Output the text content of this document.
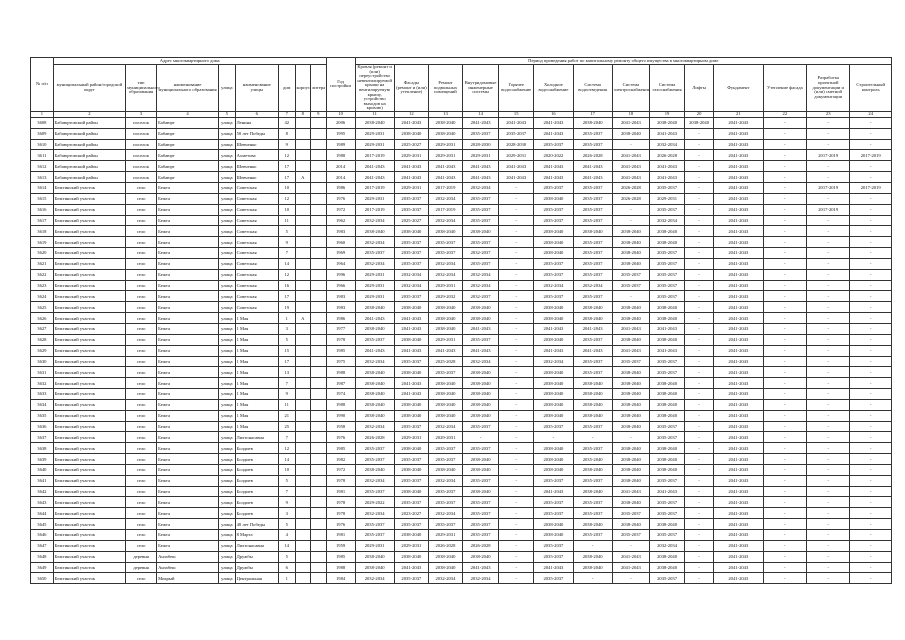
№ п/п	Адрес многоквартирного дома								Год постройки	Период проведения работ по капитальному ремонту общего имущества в многоквартирном доме													
	муниципальный район/городской округ	тип муниципального образования	наименование муниципального образования	улица	наименование улицы	дом	корпус	литера		Кровля (ремонт и (или) переустройство невентилируемой крыши на вентилируемую крышу, устройство выходов на кровлю)	Фасады (ремонт и (или) утепление)	Ремонт подвальных помещений	Внутридомовые инженерные системы	Горячее водоснабжение	Холодное водоснабжение	Система водоотведения	Система электроснабжения	Система газоснабжения	Лифты	Фундамент	Утепление фасада	Разработка проектной документации и (или) сметной документации	Строительный контроль
1	2	3	4	5	6	7	8	9	10	11	12	13	14	15	16	17	18	19	20	21	22	23	24
3608	Бабаюртовский район	поселок	Бабаюрт	улица	Ленина	42			2006	2038-2040	2041-2043	2038-2040	2041-2043	2041-2043	2041-2043	2038-2040	2041-2043	2038-2040	2038-2040	2041-2043	-	-	-
3609	Бабаюртовский район	поселок	Бабаюрт	улица	50 лет Победы	8			1995	2029-2031	2038-2040	2038-2040	2035-2037	2035-2037	2041-2043	2035-2037	2038-2040	2041-2043	-	2041-2043	-	-	-
3610	Бабаюртовский район	поселок	Бабаюрт	улица	Шевченко	9			1989	2029-2031	2025-2027	2029-2031	2028-2030	2028-2030	2035-2037	2035-2037	-	2032-2034	-	2041-2043	-	-	-
3611	Бабаюртовский район	поселок	Бабаюрт	улица	Ахметова	12			1988	2017-2019	2029-2031	2029-2031	2029-2031	2029-2031	2020-2022	2026-2028	2041-2043	2026-2028	-	2041-2043	-	2017-2019	2017-2019
3612	Бабаюртовский район	поселок	Бабаюрт	улица	Шевченко	17			2014	2041-2043	2041-2043	2041-2043	2041-2043	2041-2043	2041-2043	2041-2043	2041-2043	2041-2043	-	2041-2043	-	-	-
3613	Бабаюртовский район	поселок	Бабаюрт	улица	Шевченко	17	А		2014	2041-2043	2041-2043	2041-2043	2041-2043	2041-2043	2041-2043	2041-2043	2041-2043	2041-2043	-	2041-2043	-	-	-
3614	Бежтинский участок	село	Бежта	улица	Советская	10			1986	2017-2019	2029-2031	2017-2019	2032-2034	-	2035-2037	2035-2037	2026-2028	2035-2037	-	2041-2043	-	2017-2019	2017-2019
3615	Бежтинский участок	село	Бежта	улица	Советская	12			1976	2029-2031	2035-2037	2032-2034	2035-2037	-	2038-2040	2035-2037	2026-2028	2029-2031	-	2041-2043	-	-	-
3616	Бежтинский участок	село	Бежта	улица	Советская	10			1972	2017-2019	2035-2037	2017-2019	2035-2037	-	2035-2037	2035-2037	-	2035-2037	-	2041-2043	-	2017-2019	-
3617	Бежтинский участок	село	Бежта	улица	Советская	11			1962	2032-2034	2025-2027	2032-2034	2035-2037	-	2035-2037	2035-2037	-	2032-2034	-	2041-2043	-	-	-
3618	Бежтинский участок	село	Бежта	улица	Советская	5			1983	2038-2040	2038-2040	2038-2040	2038-2040	-	2038-2040	2038-2040	2038-2040	2038-2040	-	2041-2043	-	-	-
3619	Бежтинский участок	село	Бежта	улица	Советская	9			1960	2032-2034	2035-2037	2035-2037	2035-2037	-	2038-2040	2035-2037	2038-2040	2038-2040	-	2041-2043	-	-	-
3620	Бежтинский участок	село	Бежта	улица	Советская	7			1969	2035-2037	2035-2037	2035-2037	2032-2037	-	2038-2040	2035-2037	2038-2040	2035-2037	-	2041-2043	-	-	-
3621	Бежтинский участок	село	Бежта	улица	Советская	14			1964	2032-2034	2035-2037	2032-2034	2035-2037	-	2035-2037	2035-2037	2038-2040	2035-2037	-	2041-2043	-	-	-
3622	Бежтинский участок	село	Бежта	улица	Советская	12			1996	2029-2031	2032-2034	2032-2034	2032-2034	-	2035-2037	2035-2037	2035-2037	2035-2037	-	2041-2043	-	-	-
3623	Бежтинский участок	село	Бежта	улица	Советская	16			1966	2029-2031	2032-2034	2029-2031	2032-2034	-	2032-2034	2032-2034	2035-2037	2035-2037	-	2041-2043	-	-	-
3624	Бежтинский участок	село	Бежта	улица	Советская	17			1983	2029-2031	2035-2037	2029-2032	2032-2037	-	2035-2037	2035-2037	-	2035-2037	-	2041-2043	-	-	-
3625	Бежтинский участок	село	Бежта	улица	Советская	19			1983	2038-2040	2038-2040	2038-2040	2038-2040	-	2038-2040	2038-2040	2038-2040	2038-2040	-	2041-2043	-	-	-
3626	Бежтинский участок	село	Бежта	улица	1 Мая	1	А		1986	2041-2043	2041-2043	2038-2040	2038-2040	-	2038-2040	2038-2040	2038-2040	2038-2040	-	2041-2043	-	-	-
3627	Бежтинский участок	село	Бежта	улица	1 Мая	3			1977	2038-2040	2041-2043	2038-2040	2041-2043	-	2041-2043	2041-2043	2041-2043	2041-2043	-	2041-2043	-	-	-
3628	Бежтинский участок	село	Бежта	улица	1 Мая	5			1978	2035-2037	2038-2040	2029-2031	2035-2037	-	2038-2040	2035-2037	2038-2040	2038-2040	-	2041-2043	-	-	-
3629	Бежтинский участок	село	Бежта	улица	1 Мая	15			1985	2041-2043	2041-2043	2041-2043	2041-2043	-	2041-2043	2041-2043	2041-2043	2041-2043	-	2041-2043	-	-	-
3630	Бежтинский участок	село	Бежта	улица	1 Мая	17			1975	2032-2034	2035-2037	2025-2028	2032-2034	-	2032-2034	2035-2037	2035-2037	2035-2037	-	2041-2043	-	-	-
3631	Бежтинский участок	село	Бежта	улица	1 Мая	13			1988	2038-2040	2038-2040	2035-2037	2038-2040	-	2038-2040	2035-2037	2038-2040	2035-2037	-	2041-2043	-	-	-
3632	Бежтинский участок	село	Бежта	улица	1 Мая	7			1987	2038-2040	2041-2043	2038-2040	2038-2040	-	2038-2040	2038-2040	2038-2040	2038-2040	-	2041-2043	-	-	-
3633	Бежтинский участок	село	Бежта	улица	1 Мая	9			1974	2038-2040	2041-2043	2038-2040	2038-2040	-	2038-2040	2038-2040	2038-2040	2038-2040	-	2041-2043	-	-	-
3634	Бежтинский участок	село	Бежта	улица	1 Мая	11			1988	2038-2040	2038-2040	2038-2040	2038-2040	-	2038-2040	2038-2040	2038-2040	2038-2040	-	2041-2043	-	-	-
3635	Бежтинский участок	село	Бежта	улица	1 Мая	21			1990	2038-2040	2038-2040	2038-2040	2038-2040	-	2038-2040	2038-2040	2038-2040	2038-2040	-	2041-2043	-	-	-
3636	Бежтинский участок	село	Бежта	улица	1 Мая	25			1958	2032-2034	2035-2037	2032-2034	2035-2037	-	2035-2037	2035-2037	2038-2040	2035-2037	-	2041-2043	-	-	-
3637	Бежтинский участок	село	Бежта	улица	Лихтонасавна	7			1976	2026-2028	2029-2031	2029-2031	-	-	-	-	-	2035-2037	-	2041-2043	-	-	-
3638	Бежтинский участок	село	Бежта	улица	Болдиев	12			1985	2035-2037	2038-2040	2035-2037	2035-2037	-	2038-2040	2035-2037	2038-2040	2038-2040	-	2041-2043	-	-	-
3639	Бежтинский участок	село	Бежта	улица	Болдиев	14			1982	2035-2037	2035-2037	2035-2037	2038-2040	-	2038-2040	2035-2040	2038-2040	2038-2040	-	2041-2043	-	-	-
3640	Бежтинский участок	село	Бежта	улица	Болдиев	10			1972	2038-2040	2038-2040	2038-2040	2038-2040	-	2038-2040	2038-2040	2038-2040	2038-2040	-	2041-2043	-	-	-
3641	Бежтинский участок	село	Бежта	улица	Болдиев	5			1978	2032-2034	2035-2037	2032-2034	2035-2037	-	2035-2037	2035-2037	2038-2040	2035-2037	-	2041-2043	-	-	-
3642	Бежтинский участок	село	Бежта	улица	Болдиев	7			1981	2035-2037	2038-2040	2035-2037	2038-2040	-	2041-2043	2038-2040	2041-2043	2041-2043	-	2041-2043	-	-	-
3643	Бежтинский участок	село	Бежта	улица	Болдиев	9			1978	2029-2022	2035-2037	2035-2037	2035-2037	-	2035-2037	2035-2037	2038-2040	2035-2037	-	2041-2043	-	-	-
3644	Бежтинский участок	село	Бежта	улица	Болдиев	3			1978	2032-2034	2023-2027	2032-2034	2035-2037	-	2035-2037	2035-2037	2035-2037	2035-2037	-	2041-2043	-	-	-
3645	Бежтинский участок	село	Бежта	улица	40 лет Победы	5			1976	2035-2037	2035-2037	2035-2037	2035-2037	-	2038-2040	2038-2040	2038-2040	2038-2040	-	2041-2043	-	-	-
3646	Бежтинский участок	село	Бежта	улица	8 Марта	4			1981	2035-2037	2038-2040	2029-2031	2035-2037	-	2038-2040	2035-2037	2035-2037	2035-2037	-	2041-2043	-	-	-
3647	Бежтинский участок	село	Бежта	улица	Лихтонасавна	14			1959	2029-2031	2029-2031	2026-2028	2026-2028	-	2035-2037	-	-	2032-2034	-	2041-2043	-	-	-
3648	Бежтинский участок	деревня	Анзабеш	улица	Дружбы	5			1985	2038-2040	2038-2040	2038-2040	2038-2040	-	2035-2037	2038-2040	2041-2043	2038-2040	-	2041-2043	-	-	-
3649	Бежтинский участок	деревня	Анзабеш	улица	Дружбы	6			1988	2038-2040	2041-2043	2038-2040	2041-2043	-	2041-2043	2038-2040	2041-2043	2038-2040	-	2041-2043	-	-	-
3650	Бежтинский участок	село	Мокрый	улица	Центральная	1			1984	2032-2034	2035-2037	2032-2034	2032-2034	-	2035-2037	-	-	2035-2037	-	2041-2043	-	-	-
